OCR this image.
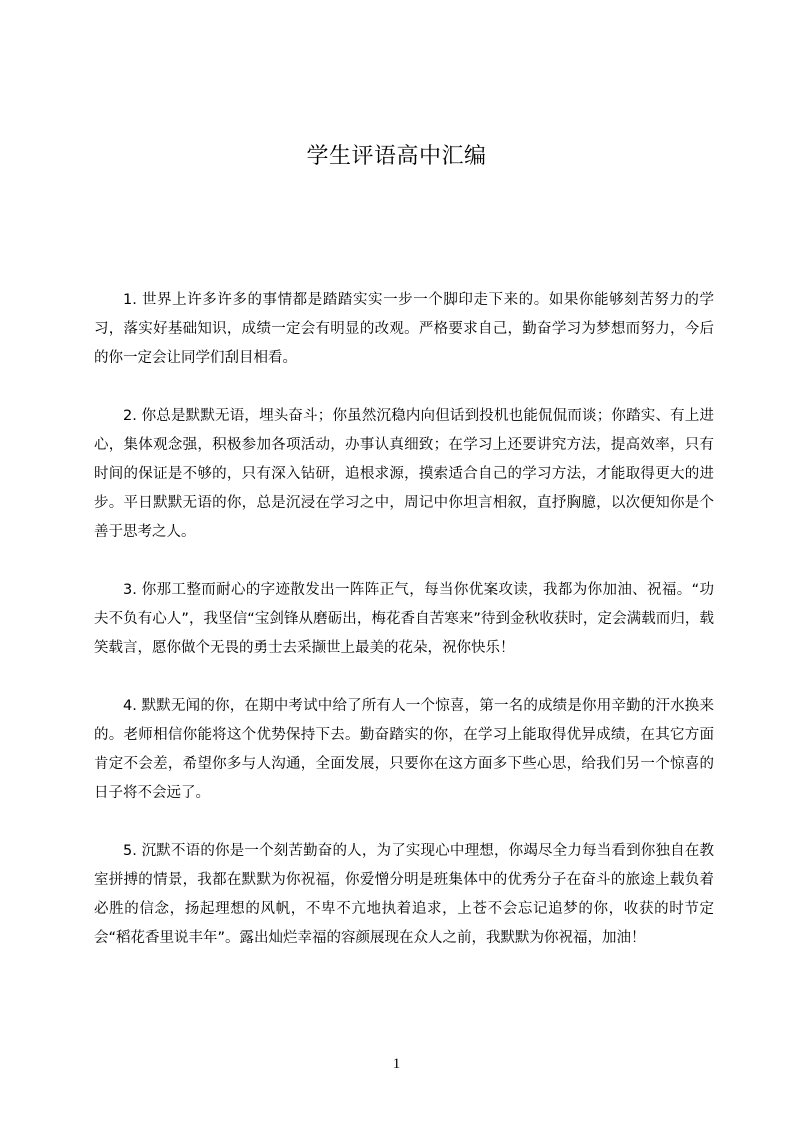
学生评语高中汇编

1. 世界上许多许多的事情都是踏踏实实一步一个脚印走下来的。如果你能够刻苦努力的学习，落实好基础知识，成绩一定会有明显的改观。严格要求自己，勤奋学习为梦想而努力，今后的你一定会让同学们刮目相看。

2. 你总是默默无语，埋头奋斗；你虽然沉稳内向但话到投机也能侃侃而谈；你踏实、有上进心，集体观念强，积极参加各项活动，办事认真细致；在学习上还要讲究方法，提高效率，只有时间的保证是不够的，只有深入钻研，追根求源，摸索适合自己的学习方法，才能取得更大的进步。平日默默无语的你，总是沉浸在学习之中，周记中你坦言相叙，直抒胸臆，以次便知你是个善于思考之人。

3. 你那工整而耐心的字迹散发出一阵阵正气，每当你优案攻读，我都为你加油、祝福。“功夫不负有心人”，我坚信“宝剑锋从磨砺出，梅花香自苦寒来”待到金秋收获时，定会满载而归，载笑载言，愿你做个无畏的勇士去采撷世上最美的花朵，祝你快乐！

4. 默默无闻的你，在期中考试中给了所有人一个惊喜，第一名的成绩是你用辛勤的汗水换来的。老师相信你能将这个优势保持下去。勤奋踏实的你，在学习上能取得优异成绩，在其它方面肯定不会差，希望你多与人沟通，全面发展，只要你在这方面多下些心思，给我们另一个惊喜的日子将不会远了。

5. 沉默不语的你是一个刻苦勤奋的人，为了实现心中理想，你竭尽全力每当看到你独自在教室拼搏的情景，我都在默默为你祝福，你爱憎分明是班集体中的优秀分子在奋斗的旅途上载负着必胜的信念，扬起理想的风帆，不卑不亢地执着追求，上苍不会忘记追梦的你，收获的时节定会“稻花香里说丰年”。露出灿烂幸福的容颜展现在众人之前，我默默为你祝福，加油！

1
